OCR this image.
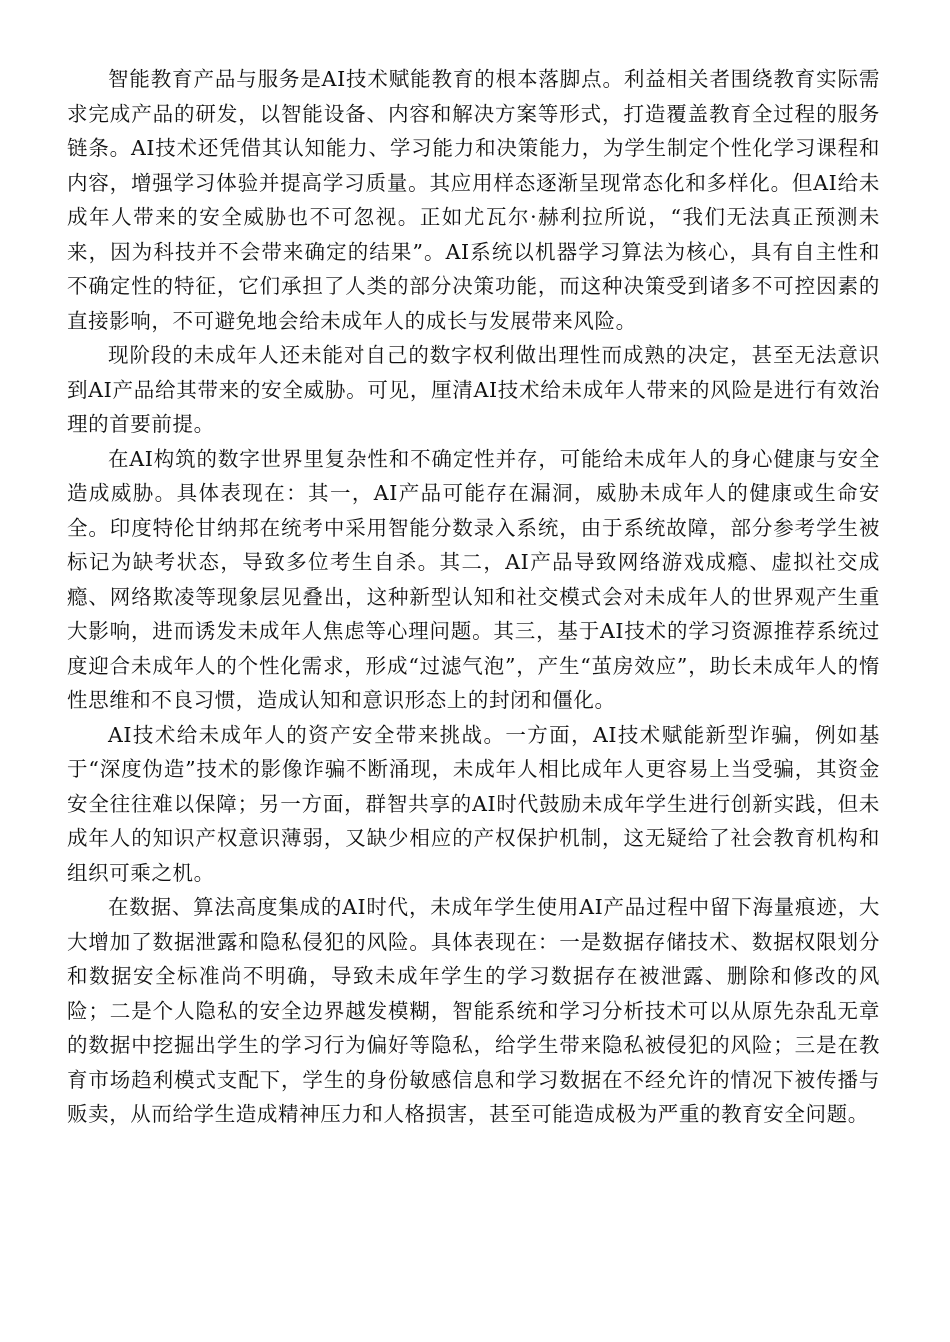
智能教育产品与服务是AI技术赋能教育的根本落脚点。利益相关者围绕教育实际需求完成产品的研发，以智能设备、内容和解决方案等形式，打造覆盖教育全过程的服务链条。AI技术还凭借其认知能力、学习能力和决策能力，为学生制定个性化学习课程和内容，增强学习体验并提高学习质量。其应用样态逐渐呈现常态化和多样化。但AI给未成年人带来的安全威胁也不可忽视。正如尤瓦尔·赫利拉所说，“我们无法真正预测未来，因为科技并不会带来确定的结果”。AI系统以机器学习算法为核心，具有自主性和不确定性的特征，它们承担了人类的部分决策功能，而这种决策受到诸多不可控因素的直接影响，不可避免地会给未成年人的成长与发展带来风险。

现阶段的未成年人还未能对自己的数字权利做出理性而成熟的决定，甚至无法意识到AI产品给其带来的安全威胁。可见，厘清AI技术给未成年人带来的风险是进行有效治理的首要前提。

在AI构筑的数字世界里复杂性和不确定性并存，可能给未成年人的身心健康与安全造成威胁。具体表现在：其一，AI产品可能存在漏洞，威胁未成年人的健康或生命安全。印度特伦甘纳邦在统考中采用智能分数录入系统，由于系统故障，部分参考学生被标记为缺考状态，导致多位考生自杀。其二，AI产品导致网络游戏成瘾、虚拟社交成瘾、网络欺凌等现象层见叠出，这种新型认知和社交模式会对未成年人的世界观产生重大影响，进而诱发未成年人焦虑等心理问题。其三，基于AI技术的学习资源推荐系统过度迎合未成年人的个性化需求，形成“过滤气泡”，产生“茧房效应”，助长未成年人的惰性思维和不良习惯，造成认知和意识形态上的封闭和僵化。

AI技术给未成年人的资产安全带来挑战。一方面，AI技术赋能新型诈骗，例如基于“深度伪造”技术的影像诈骗不断涌现，未成年人相比成年人更容易上当受骗，其资金安全往往难以保障；另一方面，群智共享的AI时代鼓励未成年学生进行创新实践，但未成年人的知识产权意识薄弱，又缺少相应的产权保护机制，这无疑给了社会教育机构和组织可乘之机。

在数据、算法高度集成的AI时代，未成年学生使用AI产品过程中留下海量痕迹，大大增加了数据泄露和隐私侵犯的风险。具体表现在：一是数据存储技术、数据权限划分和数据安全标准尚不明确，导致未成年学生的学习数据存在被泄露、删除和修改的风险；二是个人隐私的安全边界越发模糊，智能系统和学习分析技术可以从原先杂乱无章的数据中挖掘出学生的学习行为偏好等隐私，给学生带来隐私被侵犯的风险；三是在教育市场趋利模式支配下，学生的身份敏感信息和学习数据在不经允许的情况下被传播与贩卖，从而给学生造成精神压力和人格损害，甚至可能造成极为严重的教育安全问题。
